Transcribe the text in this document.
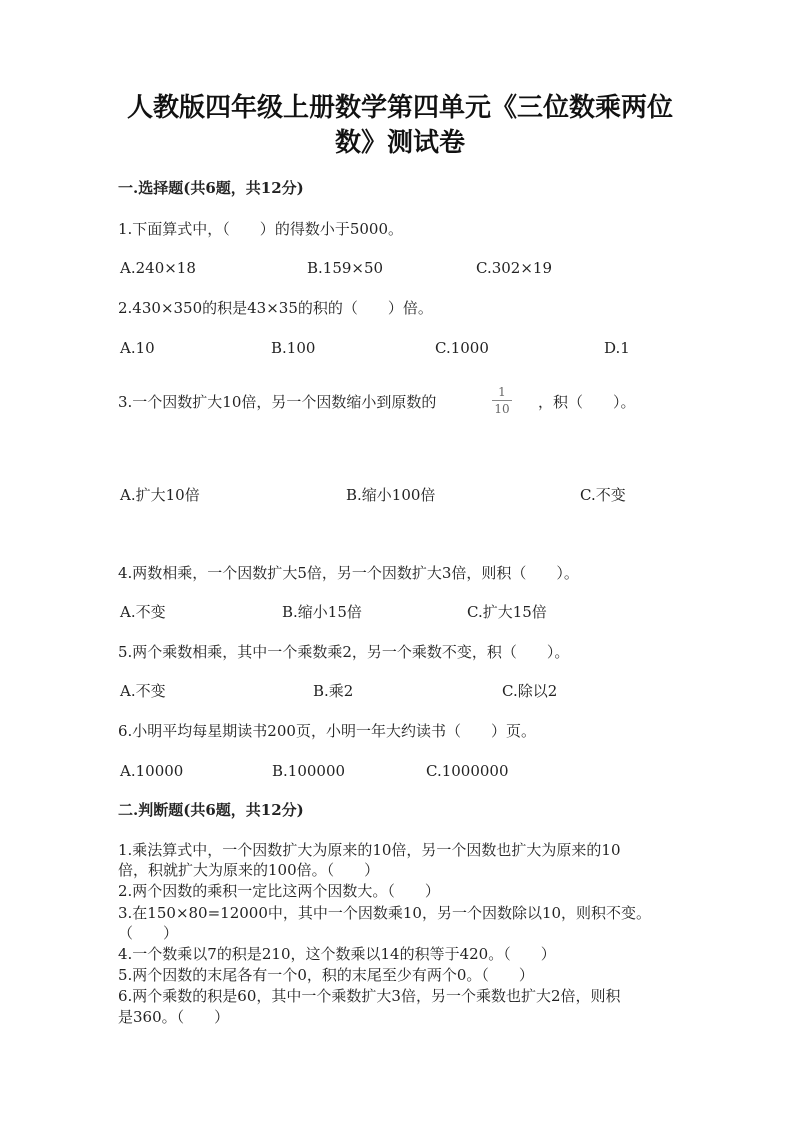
人教版四年级上册数学第四单元《三位数乘两位
数》测试卷
一.选择题(共6题，共12分)
1.下面算式中，（　　）的得数小于5000。
A.240×18	B.159×50	C.302×19
2.430×350的积是43×35的积的（　　）倍。
A.10	B.100	C.1000	D.1
3.一个因数扩大10倍，另一个因数缩小到原数的
1
10 ，积（　　）。
A.扩大10倍	B.缩小100倍	C.不变
4.两数相乘，一个因数扩大5倍，另一个因数扩大3倍，则积（　　）。
A.不变	B.缩小15倍	C.扩大15倍
5.两个乘数相乘，其中一个乘数乘2，另一个乘数不变，积（　　）。
A.不变	B.乘2	C.除以2
6.小明平均每星期读书200页，小明一年大约读书（　　）页。
A.10000	B.100000	C.1000000
二.判断题(共6题，共12分)
1.乘法算式中，一个因数扩大为原来的10倍，另一个因数也扩大为原来的10
倍，积就扩大为原来的100倍。（　　）
2.两个因数的乘积一定比这两个因数大。（　　）
3.在150×80=12000中，其中一个因数乘10，另一个因数除以10，则积不变。
（　　）
4.一个数乘以7的积是210，这个数乘以14的积等于420。（　　）
5.两个因数的末尾各有一个0，积的末尾至少有两个0。（　　）
6.两个乘数的积是60，其中一个乘数扩大3倍，另一个乘数也扩大2倍，则积
是360。（　　）
